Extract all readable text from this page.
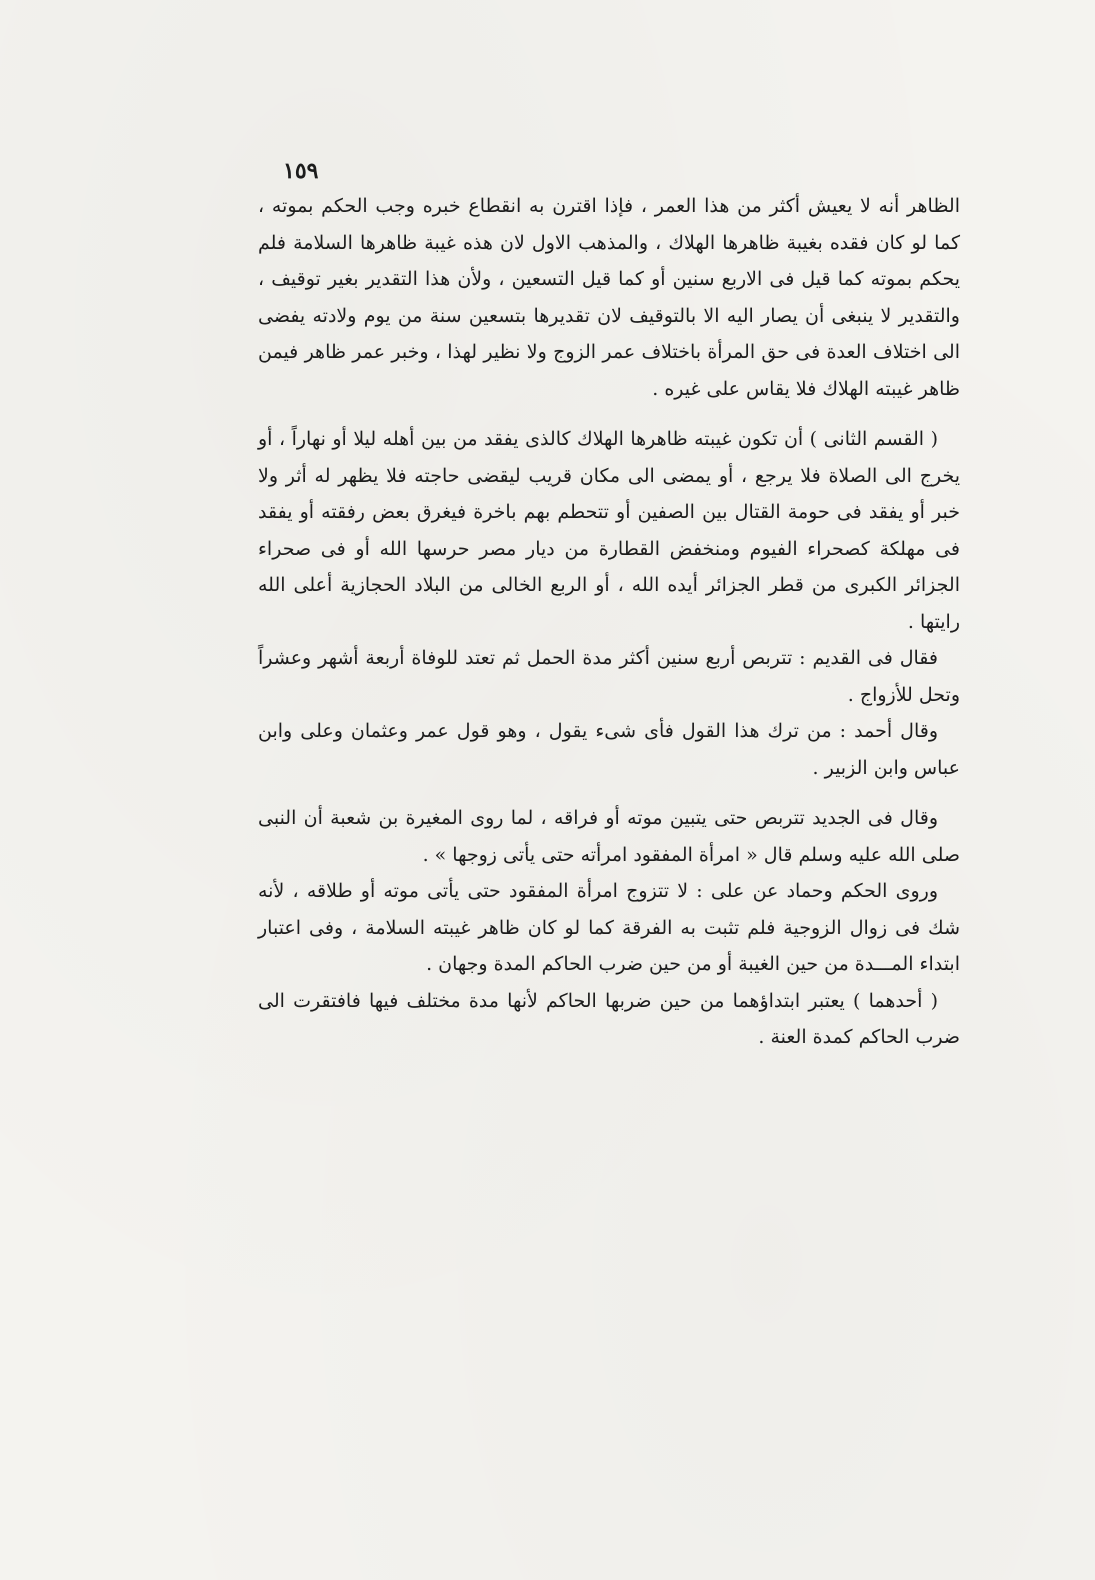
١٥٩

الظاهر أنه لا يعيش أكثر من هذا العمر ، فإذا اقترن به انقطاع خبره وجب الحكم بموته ، كما لو كان فقده بغيبة ظاهرها الهلاك ، والمذهب الاول لان هذه غيبة ظاهرها السلامة فلم يحكم بموته كما قيل فى الاربع سنين أو كما قيل التسعين ، ولأن هذا التقدير بغير توقيف ، والتقدير لا ينبغى أن يصار اليه الا بالتوقيف لان تقديرها بتسعين سنة من يوم ولادته يفضى الى اختلاف العدة فى حق المرأة باختلاف عمر الزوج ولا نظير لهذا ، وخبر عمر ظاهر فيمن ظاهر غيبته الهلاك فلا يقاس على غيره .

( القسم الثانى ) أن تكون غيبته ظاهرها الهلاك كالذى يفقد من بين أهله ليلا أو نهاراً ، أو يخرج الى الصلاة فلا يرجع ، أو يمضى الى مكان قريب ليقضى حاجته فلا يظهر له أثر ولا خبر أو يفقد فى حومة القتال بين الصفين أو تتحطم بهم باخرة فيغرق بعض رفقته أو يفقد فى مهلكة كصحراء الفيوم ومنخفض القطارة من ديار مصر حرسها الله أو فى صحراء الجزائر الكبرى من قطر الجزائر أيده الله ، أو الربع الخالى من البلاد الحجازية أعلى الله رايتها .

فقال فى القديم : تتربص أربع سنين أكثر مدة الحمل ثم تعتد للوفاة أربعة أشهر وعشراً وتحل للأزواج .

وقال أحمد : من ترك هذا القول فأى شىء يقول ، وهو قول عمر وعثمان وعلى وابن عباس وابن الزبير .

وقال فى الجديد تتربص حتى يتبين موته أو فراقه ، لما روى المغيرة بن شعبة أن النبى صلى الله عليه وسلم قال « امرأة المفقود امرأته حتى يأتى زوجها » .

وروى الحكم وحماد عن على : لا تتزوج امرأة المفقود حتى يأتى موته أو طلاقه ، لأنه شك فى زوال الزوجية فلم تثبت به الفرقة كما لو كان ظاهر غيبته السلامة ، وفى اعتبار ابتداء المـــدة من حين الغيبة أو من حين ضرب الحاكم المدة وجهان .

( أحدهما ) يعتبر ابتداؤهما من حين ضربها الحاكم لأنها مدة مختلف فيها فافتقرت الى ضرب الحاكم كمدة العنة .
